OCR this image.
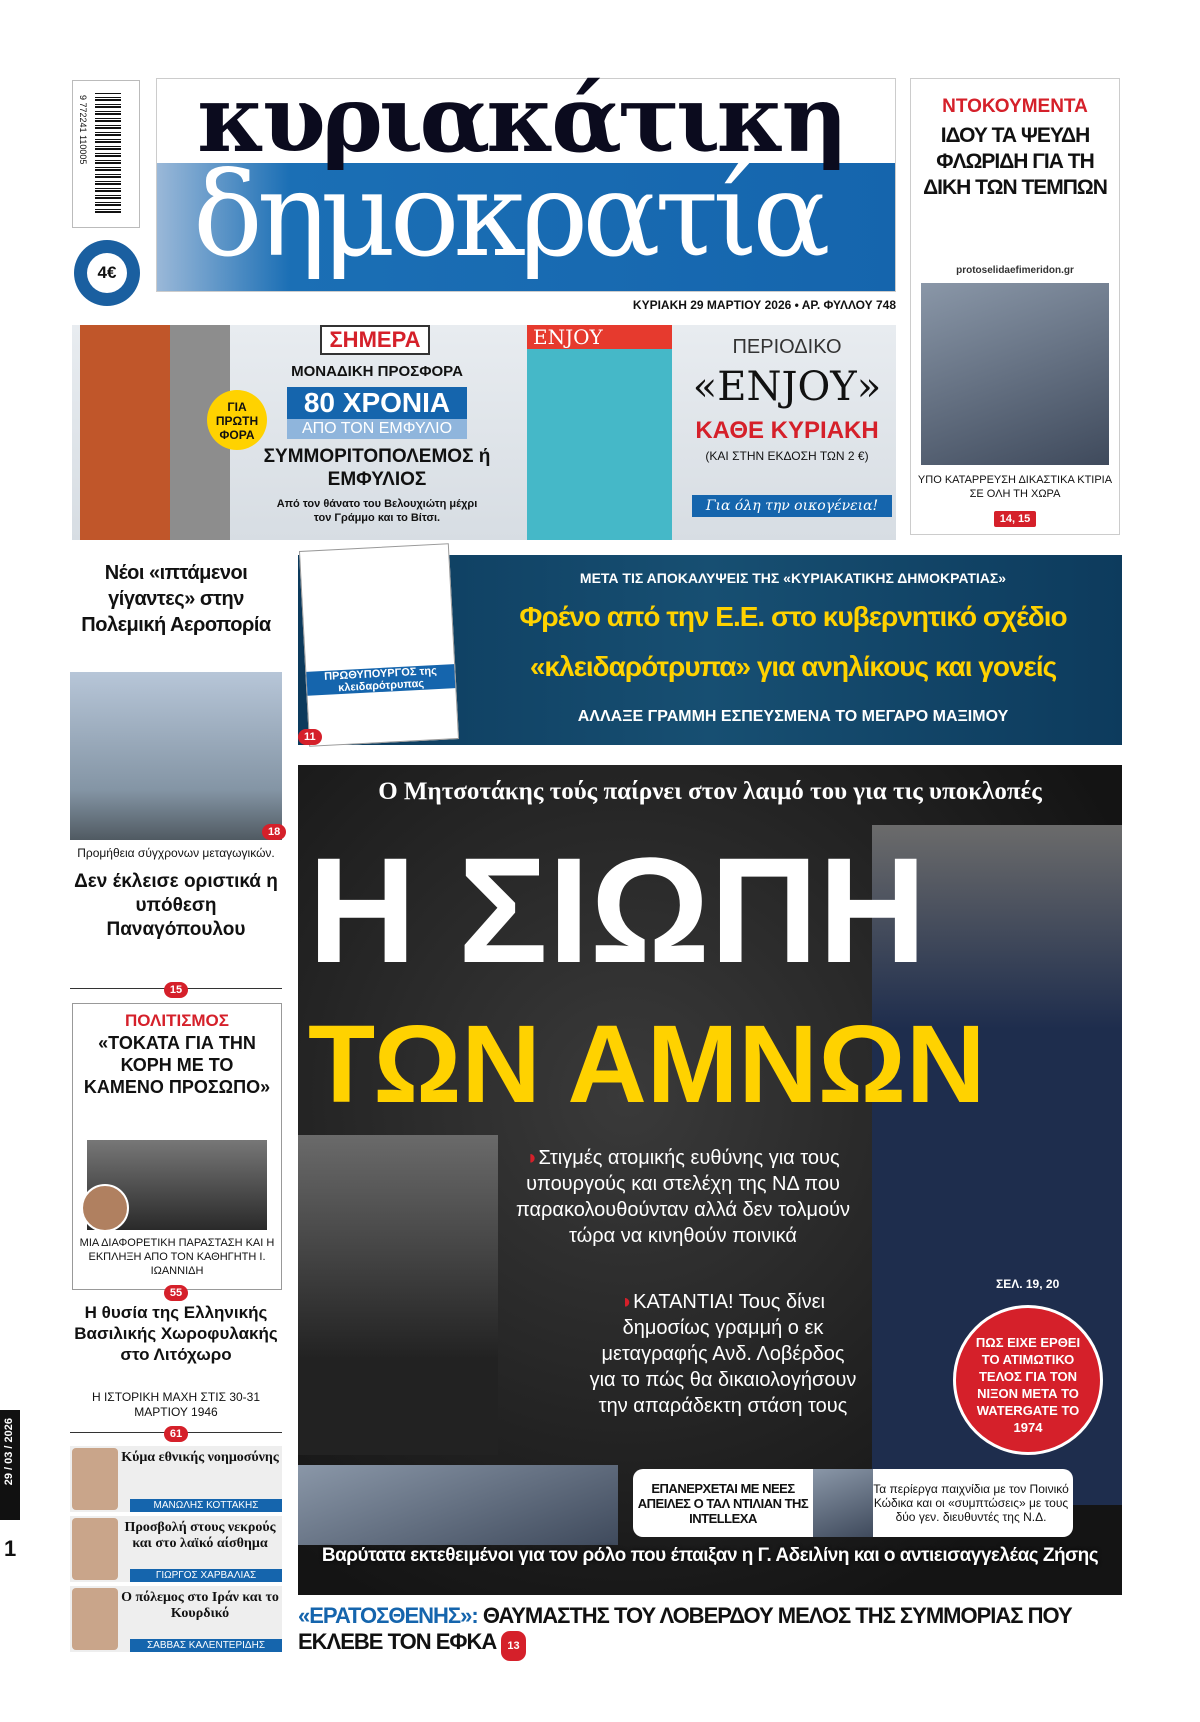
9 772241 110005
4€
κυριακάτικη
δημοκρατία
ΚΥΡΙΑΚΗ 29 ΜΑΡΤΙΟΥ 2026 • ΑΡ. ΦΥΛΛΟΥ 748
ΝΤΟΚΟΥΜΕΝΤΑ
ΙΔΟΥ ΤΑ ΨΕΥΔΗ ΦΛΩΡΙΔΗ ΓΙΑ ΤΗ ΔΙΚΗ ΤΩΝ ΤΕΜΠΩΝ
protoselidaefimeridon.gr
ΥΠΟ ΚΑΤΑΡΡΕΥΣΗ ΔΙΚΑΣΤΙΚΑ ΚΤΙΡΙΑ ΣΕ ΟΛΗ ΤΗ ΧΩΡΑ
14, 15
ΓΙΑ ΠΡΩΤΗ ΦΟΡΑ
ΣΗΜΕΡΑ
ΜΟΝΑΔΙΚΗ ΠΡΟΣΦΟΡΑ
80 ΧΡΟΝΙΑ
ΑΠΟ ΤΟΝ ΕΜΦΥΛΙΟ
ΣΥΜΜΟΡΙΤΟΠΟΛΕΜΟΣ ή ΕΜΦΥΛΙΟΣ
Από τον θάνατο του Βελουχιώτη μέχρι τον Γράμμο και το Βίτσι.
ENJOY	ΠΕΡΙΟΔΙΚΟ
«ENJOY»
ΚΑΘΕ ΚΥΡΙΑΚΗ
(ΚΑΙ ΣΤΗΝ ΕΚΔΟΣΗ ΤΩΝ 2 €)
Για όλη την οικογένεια!
ΠΡΩΘΥΠΟΥΡΓΟΣ της κλειδαρότρυπας
11
ΜΕΤΑ ΤΙΣ ΑΠΟΚΑΛΥΨΕΙΣ ΤΗΣ «ΚΥΡΙΑΚΑΤΙΚΗΣ ΔΗΜΟΚΡΑΤΙΑΣ»
Φρένο από την Ε.Ε. στο κυβερνητικό σχέδιο
«κλειδαρότρυπα» για ανηλίκους και γονείς
ΑΛΛΑΞΕ ΓΡΑΜΜΗ ΕΣΠΕΥΣΜΕΝΑ ΤΟ ΜΕΓΑΡΟ ΜΑΞΙΜΟΥ
Ο Μητσοτάκης τούς παίρνει στον λαιμό του για τις υποκλοπές
Η ΣΙΩΠΗ
ΤΩΝ ΑΜΝΩΝ
◗Στιγμές ατομικής ευθύνης για τους υπουργούς και στελέχη της ΝΔ που παρακολουθούνταν αλλά δεν τολμούν τώρα να κινηθούν ποινικά
◗ΚΑΤΑΝΤΙΑ! Τους δίνει δημοσίως γραμμή ο εκ μεταγραφής Ανδ. Λοβέρδος για το πώς θα δικαιολογήσουν την απαράδεκτη στάση τους
ΣΕΛ. 19, 20
ΠΩΣ ΕΙΧΕ ΕΡΘΕΙ ΤΟ ΑΤΙΜΩΤΙΚΟ ΤΕΛΟΣ ΓΙΑ ΤΟΝ ΝΙΞΟΝ ΜΕΤΑ ΤΟ WATERGATE ΤΟ 1974
ΕΠΑΝΕΡΧΕΤΑΙ ΜΕ ΝΕΕΣ ΑΠΕΙΛΕΣ Ο ΤΑΛ ΝΤΙΛΙΑΝ ΤΗΣ INTELLEXA
Τα περίεργα παιχνίδια με τον Ποινικό Κώδικα και οι «συμπτώσεις» με τους δύο γεν. διευθυντές της Ν.Δ.
Βαρύτατα εκτεθειμένοι για τον ρόλο που έπαιξαν η Γ. Αδειλίνη και ο αντιεισαγγελέας Ζήσης
«ΕΡΑΤΟΣΘΕΝΗΣ»: ΘΑΥΜΑΣΤΗΣ ΤΟΥ ΛΟΒΕΡΔΟΥ ΜΕΛΟΣ ΤΗΣ ΣΥΜΜΟΡΙΑΣ ΠΟΥ ΕΚΛΕΒΕ ΤΟΝ ΕΦΚΑ 13
Νέοι «ιπτάμενοι γίγαντες» στην Πολεμική Αεροπορία
18
Προμήθεια σύγχρονων μεταγωγικών.
Δεν έκλεισε οριστικά η υπόθεση Παναγόπουλου
15
ΠΟΛΙΤΙΣΜΟΣ
«ΤΟΚΑΤΑ ΓΙΑ ΤΗΝ ΚΟΡΗ ΜΕ ΤΟ ΚΑΜΕΝΟ ΠΡΟΣΩΠΟ»
ΜΙΑ ΔΙΑΦΟΡΕΤΙΚΗ ΠΑΡΑΣΤΑΣΗ ΚΑΙ Η ΕΚΠΛΗΞΗ ΑΠΟ ΤΟΝ ΚΑΘΗΓΗΤΗ Ι. ΙΩΑΝΝΙΔΗ
55
Η θυσία της Ελληνικής Βασιλικής Χωροφυλακής στο Λιτόχωρο
Η ΙΣΤΟΡΙΚΗ ΜΑΧΗ ΣΤΙΣ 30-31 ΜΑΡΤΙΟΥ 1946
61
Κύμα εθνικής νοημοσύνης
ΜΑΝΩΛΗΣ ΚΟΤΤΑΚΗΣ
Προσβολή στους νεκρούς και στο λαϊκό αίσθημα
ΓΙΩΡΓΟΣ ΧΑΡΒΑΛΙΑΣ
Ο πόλεμος στο Ιράν και το Κουρδικό
ΣΑΒΒΑΣ ΚΑΛΕΝΤΕΡΙΔΗΣ
29 / 03 / 2026
1
